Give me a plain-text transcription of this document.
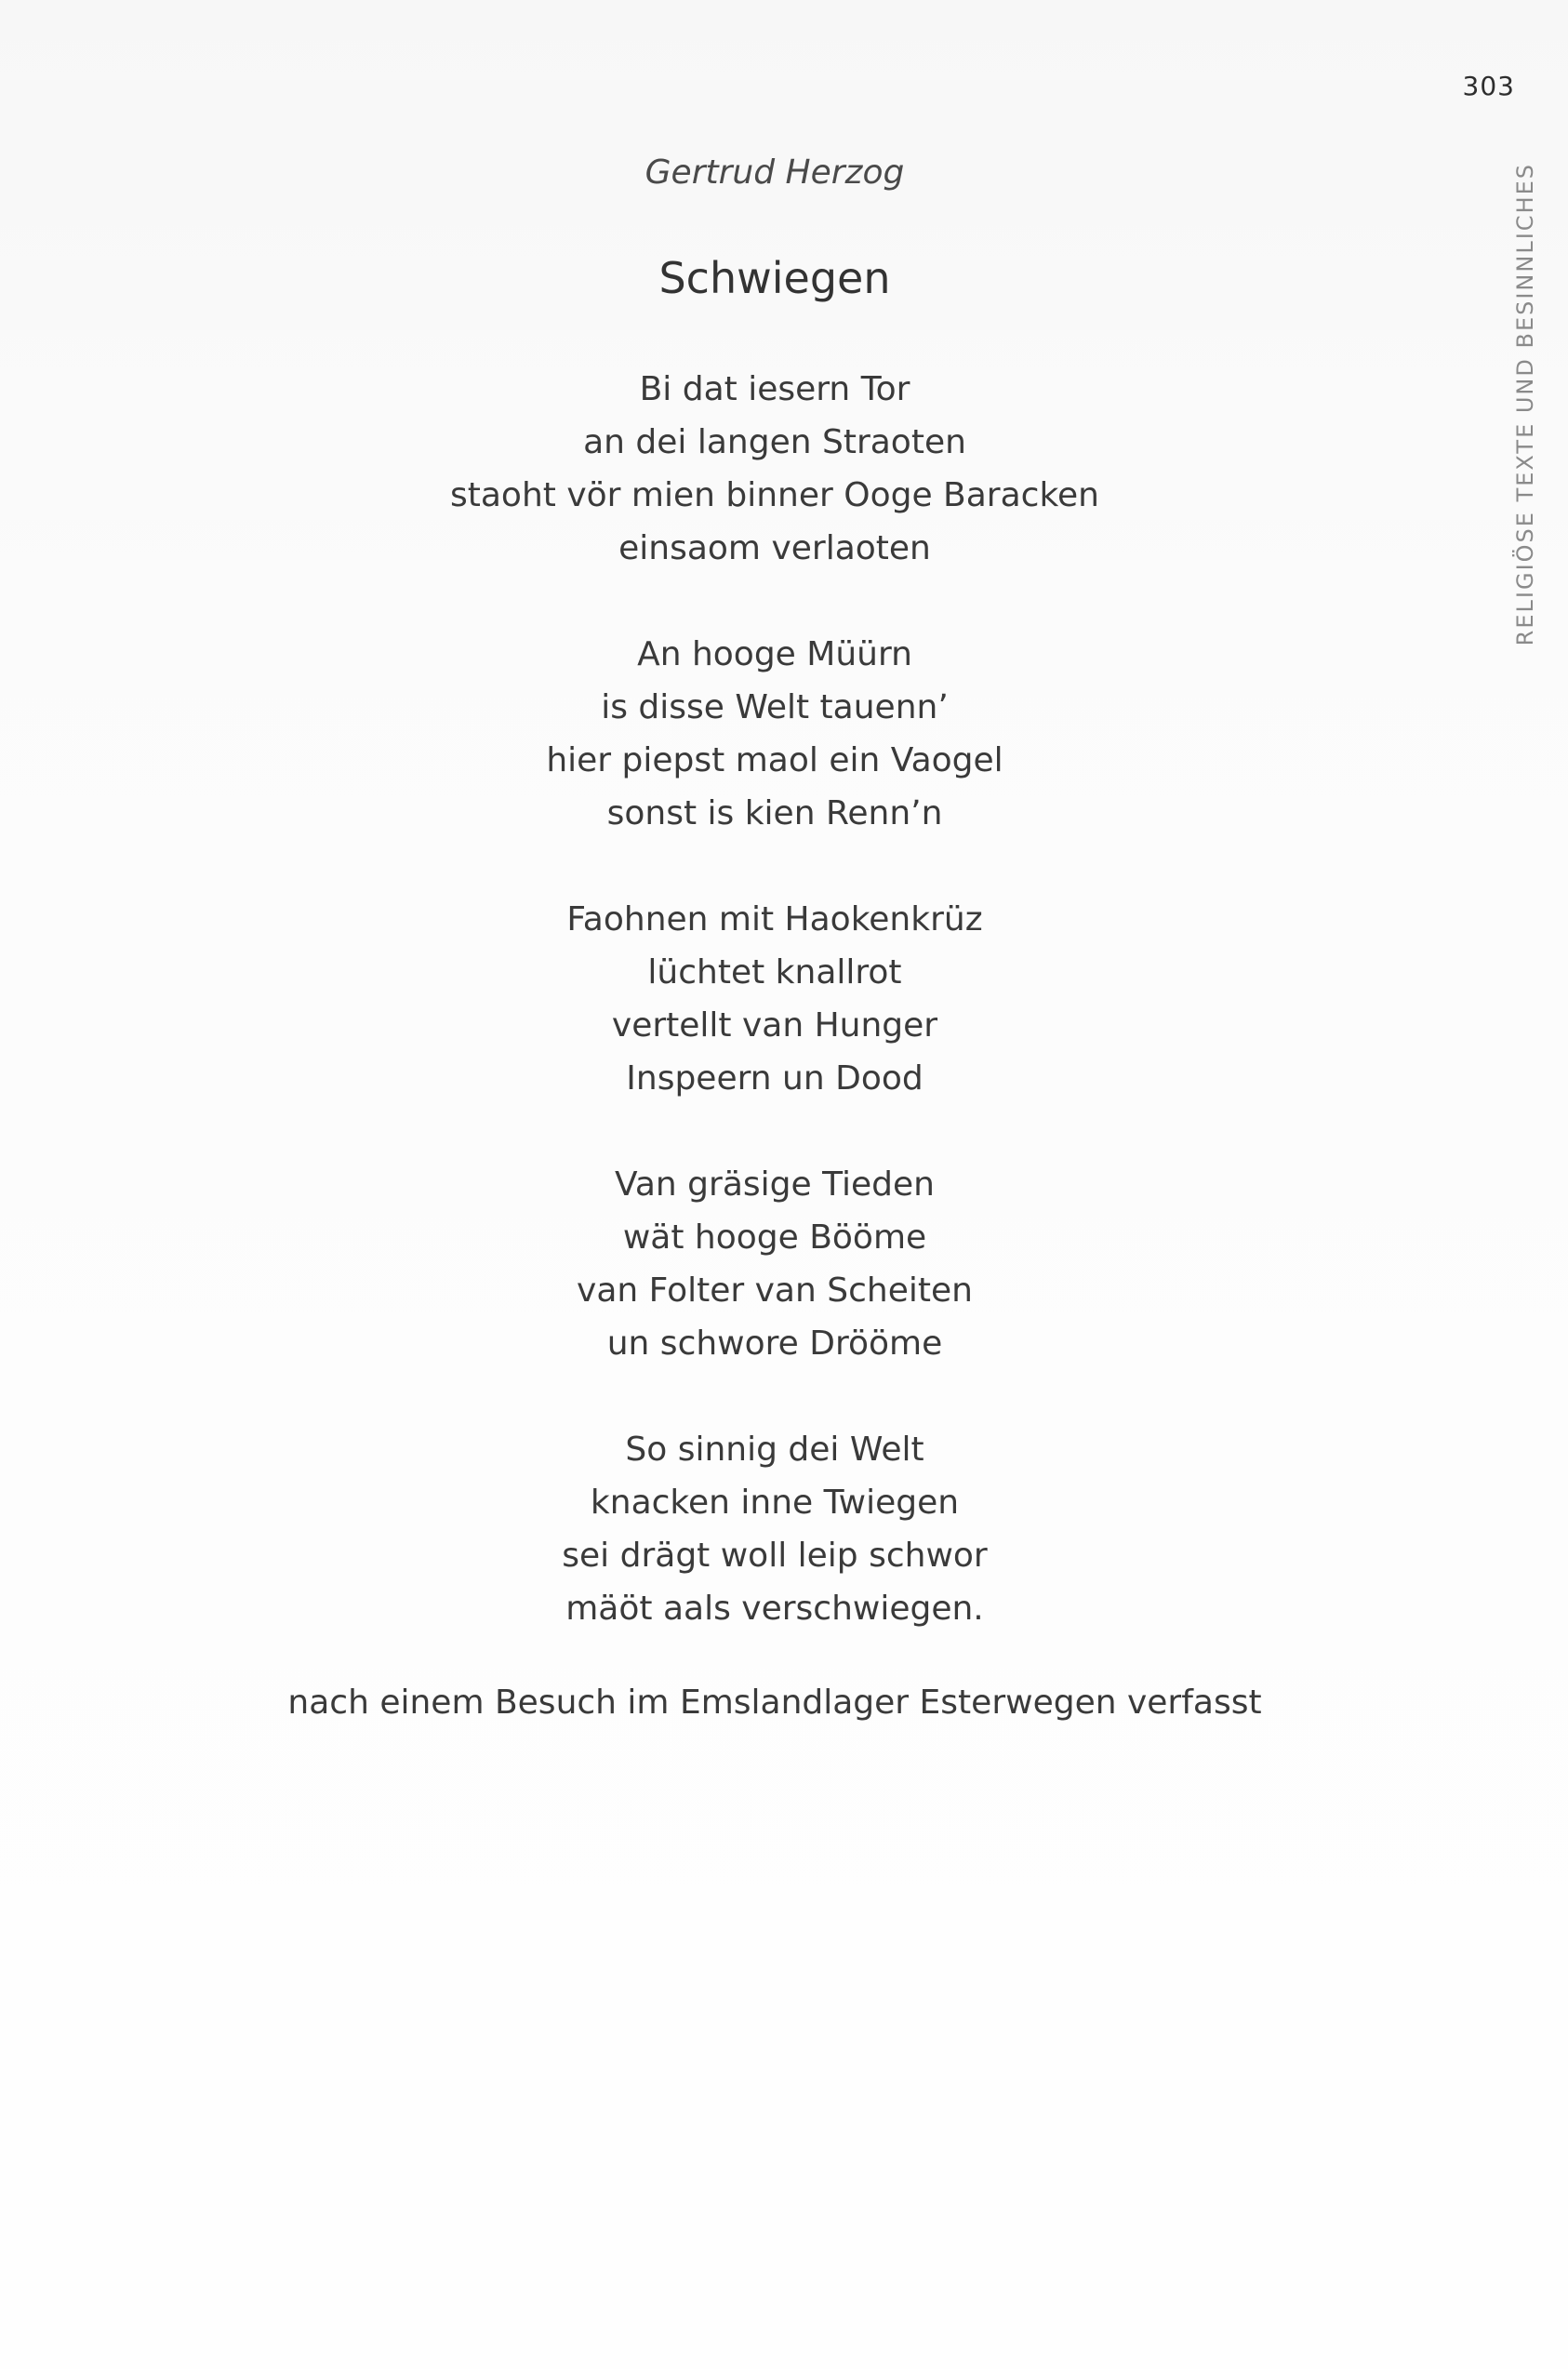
303
RELIGIÖSE TEXTE UND BESINNLICHES
Gertrud Herzog
Schwiegen
Bi dat iesern Tor
an dei langen Straoten
staoht vör mien binner Ooge Baracken
einsaom verlaoten
An hooge Müürn
is disse Welt tauenn’
hier piepst maol ein Vaogel
sonst is kien Renn’n
Faohnen mit Haokenkrüz
lüchtet knallrot
vertellt van Hunger
Inspeern un Dood
Van gräsige Tieden
wät hooge Bööme
van Folter van Scheiten
un schwore Drööme
So sinnig dei Welt
knacken inne Twiegen
sei drägt woll leip schwor
mäöt aals verschwiegen.
nach einem Besuch im Emslandlager Esterwegen verfasst
